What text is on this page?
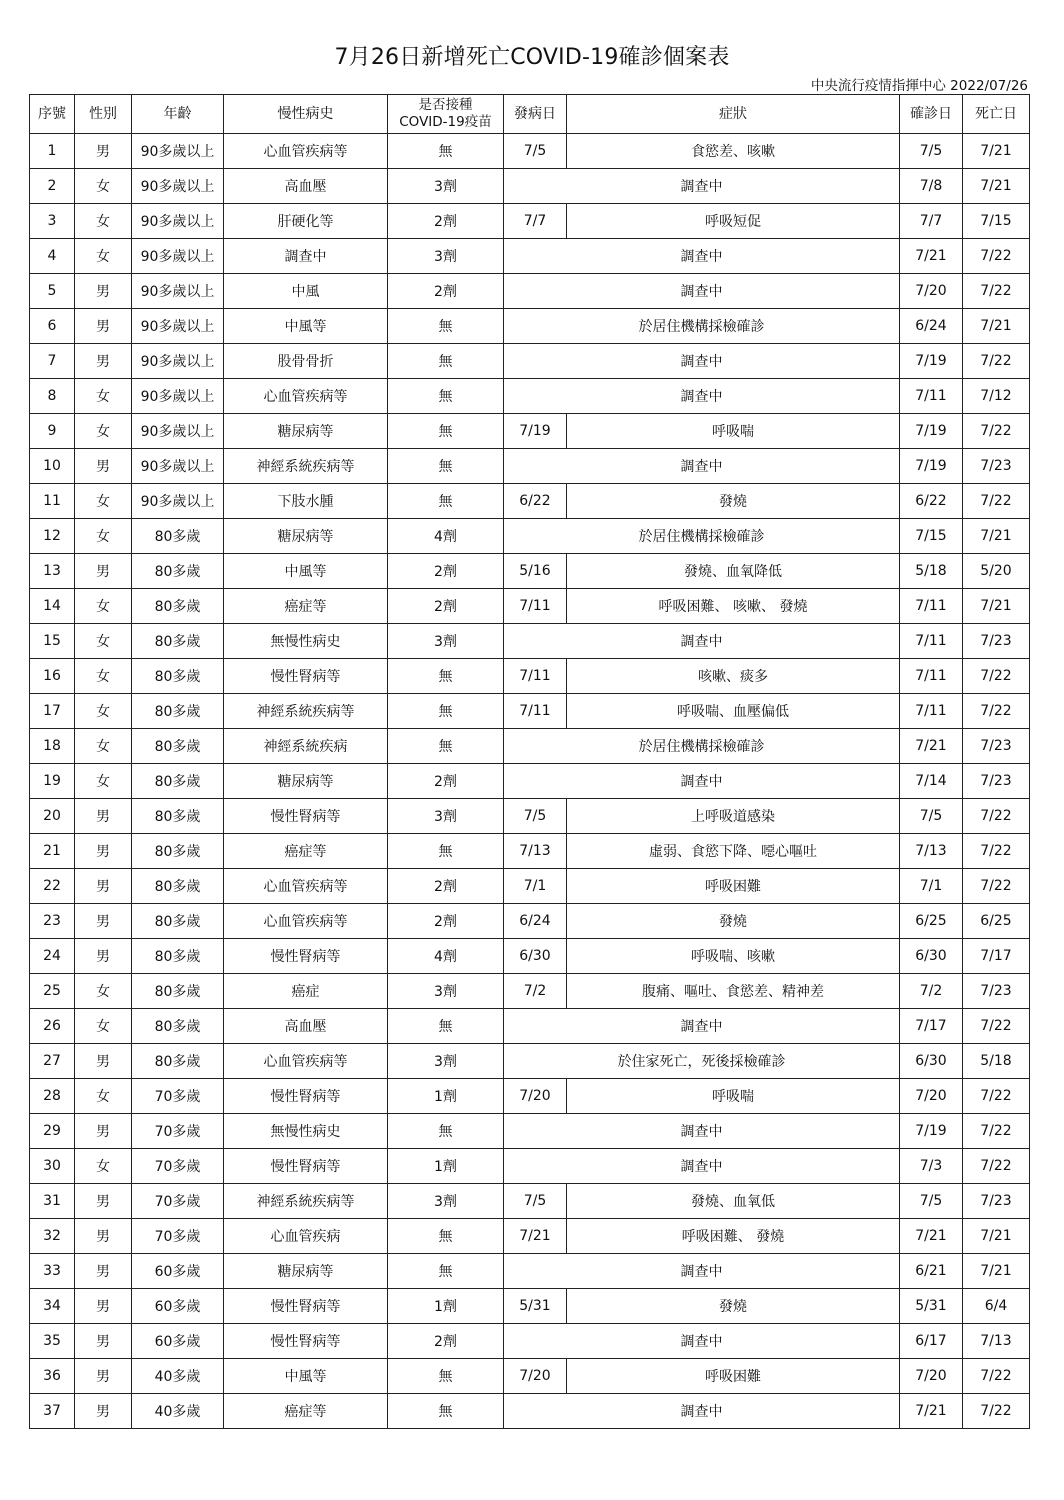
7月26日新增死亡COVID-19確診個案表
中央流行疫情指揮中心 2022/07/26
序號	性別	年齡	慢性病史	是否接種
COVID-19疫苗	發病日	症狀	確診日	死亡日
1	男	90多歲以上	心血管疾病等	無	7/5	食慾差、咳嗽	7/5	7/21
2	女	90多歲以上	高血壓	3劑	調查中		7/8	7/21
3	女	90多歲以上	肝硬化等	2劑	7/7	呼吸短促	7/7	7/15
4	女	90多歲以上	調查中	3劑	調查中		7/21	7/22
5	男	90多歲以上	中風	2劑	調查中		7/20	7/22
6	男	90多歲以上	中風等	無	於居住機構採檢確診		6/24	7/21
7	男	90多歲以上	股骨骨折	無	調查中		7/19	7/22
8	女	90多歲以上	心血管疾病等	無	調查中		7/11	7/12
9	女	90多歲以上	糖尿病等	無	7/19	呼吸喘	7/19	7/22
10	男	90多歲以上	神經系統疾病等	無	調查中		7/19	7/23
11	女	90多歲以上	下肢水腫	無	6/22	發燒	6/22	7/22
12	女	80多歲	糖尿病等	4劑	於居住機構採檢確診		7/15	7/21
13	男	80多歲	中風等	2劑	5/16	發燒、血氧降低	5/18	5/20
14	女	80多歲	癌症等	2劑	7/11	呼吸困難、 咳嗽、 發燒	7/11	7/21
15	女	80多歲	無慢性病史	3劑	調查中		7/11	7/23
16	女	80多歲	慢性腎病等	無	7/11	咳嗽、痰多	7/11	7/22
17	女	80多歲	神經系統疾病等	無	7/11	呼吸喘、血壓偏低	7/11	7/22
18	女	80多歲	神經系統疾病	無	於居住機構採檢確診		7/21	7/23
19	女	80多歲	糖尿病等	2劑	調查中		7/14	7/23
20	男	80多歲	慢性腎病等	3劑	7/5	上呼吸道感染	7/5	7/22
21	男	80多歲	癌症等	無	7/13	虛弱、食慾下降、噁心嘔吐	7/13	7/22
22	男	80多歲	心血管疾病等	2劑	7/1	呼吸困難	7/1	7/22
23	男	80多歲	心血管疾病等	2劑	6/24	發燒	6/25	6/25
24	男	80多歲	慢性腎病等	4劑	6/30	呼吸喘、咳嗽	6/30	7/17
25	女	80多歲	癌症	3劑	7/2	腹痛、嘔吐、食慾差、精神差	7/2	7/23
26	女	80多歲	高血壓	無	調查中		7/17	7/22
27	男	80多歲	心血管疾病等	3劑	於住家死亡，死後採檢確診		6/30	5/18
28	女	70多歲	慢性腎病等	1劑	7/20	呼吸喘	7/20	7/22
29	男	70多歲	無慢性病史	無	調查中		7/19	7/22
30	女	70多歲	慢性腎病等	1劑	調查中		7/3	7/22
31	男	70多歲	神經系統疾病等	3劑	7/5	發燒、血氧低	7/5	7/23
32	男	70多歲	心血管疾病	無	7/21	呼吸困難、 發燒	7/21	7/21
33	男	60多歲	糖尿病等	無	調查中		6/21	7/21
34	男	60多歲	慢性腎病等	1劑	5/31	發燒	5/31	6/4
35	男	60多歲	慢性腎病等	2劑	調查中		6/17	7/13
36	男	40多歲	中風等	無	7/20	呼吸困難	7/20	7/22
37	男	40多歲	癌症等	無	調查中		7/21	7/22
